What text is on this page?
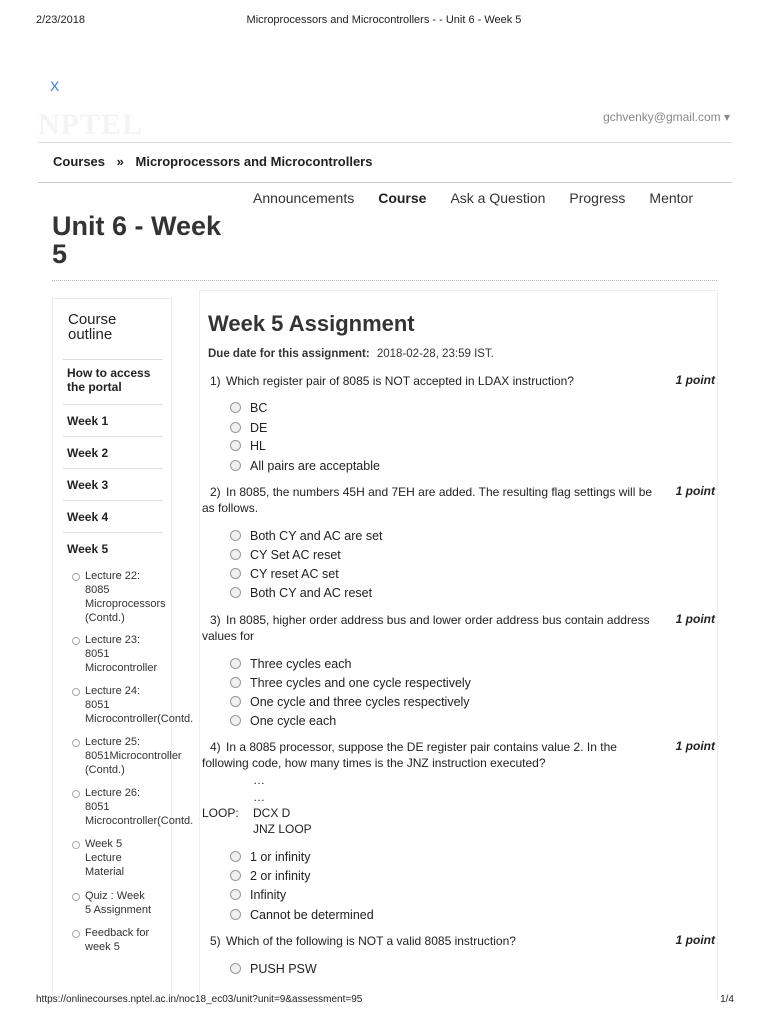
2/23/2018	Microprocessors and Microcontrollers - - Unit 6 - Week 5
X
NPTEL	gchvenky@gmail.com ▾
Courses » Microprocessors and Microcontrollers
Announcements Course Ask a Question Progress Mentor
Unit 6 - Week 5
Course outline
How to access the portal
Week 1
Week 2
Week 3
Week 4
Week 5
Lecture 22:
8085
Microprocessors
(Contd.)
Lecture 23:
8051
Microcontroller
Lecture 24:
8051
Microcontroller(Contd.
Lecture 25:
8051Microcontroller
(Contd.)
Lecture 26:
8051
Microcontroller(Contd.
Week 5
Lecture
Material
Quiz : Week
5 Assignment
Feedback for
week 5
Week 5 Assignment
Due date for this assignment: 2018-02-28, 23:59 IST.
1) Which register pair of 8085 is NOT accepted in LDAX instruction?	1 point
BC
DE
HL
All pairs are acceptable
2) In 8085, the numbers 45H and 7EH are added. The resulting flag settings will be as follows.
1 point
Both CY and AC are set
CY Set AC reset
CY reset AC set
Both CY and AC reset
3) In 8085, higher order address bus and lower order address bus contain address values for
1 point
Three cycles each
Three cycles and one cycle respectively
One cycle and three cycles respectively
One cycle each
4) In a 8085 processor, suppose the DE register pair contains value 2. In the following code, how many times is the JNZ instruction executed?
1 point
…
…
LOOP: DCX D
JNZ LOOP
1 or infinity
2 or infinity
Infinity
Cannot be determined
5) Which of the following is NOT a valid 8085 instruction?	1 point
PUSH PSW
https://onlinecourses.nptel.ac.in/noc18_ec03/unit?unit=9&assessment=95	1/4
